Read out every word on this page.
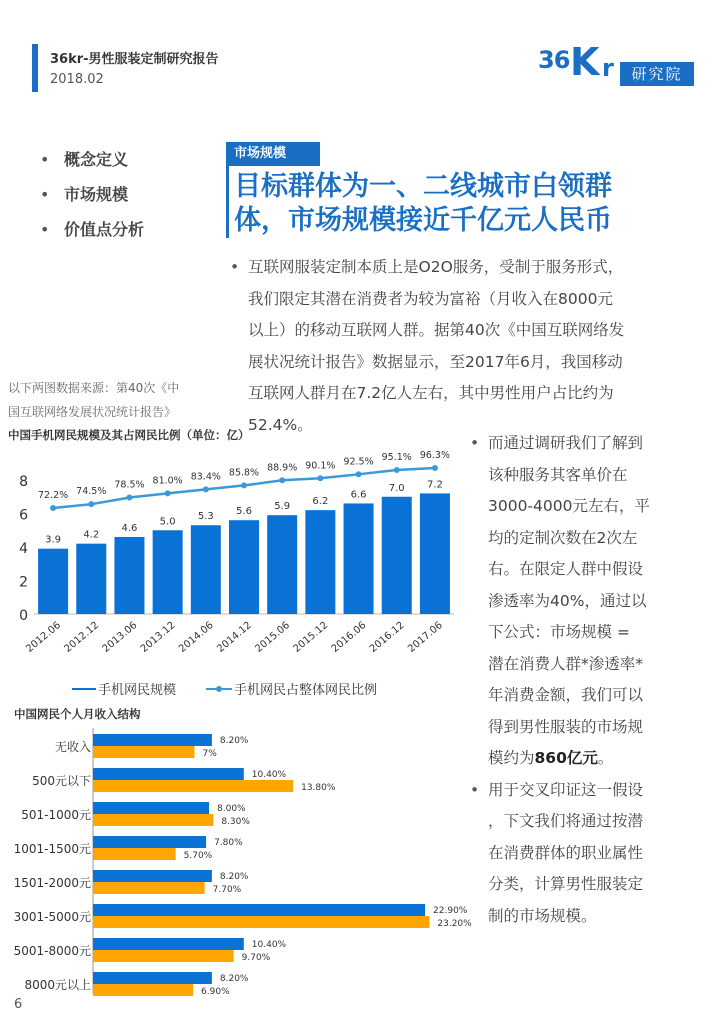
36kr-男性服装定制研究报告
2018.02
36 K r	研究院
• 概念定义
• 市场规模
• 价值点分析
市场规模
目标群体为一、二线城市白领群
体，市场规模接近千亿元人民币
• 互联网服装定制本质上是O2O服务，受制于服务形式，
我们限定其潜在消费者为较为富裕（月收入在8000元
以上）的移动互联网人群。据第40次《中国互联网络发
展状况统计报告》数据显示，至2017年6月，我国移动
互联网人群月在7.2亿人左右，其中男性用户占比约为
52.4%。
以下两图数据来源：第40次《中
国互联网络发展状况统计报告》
中国手机网民规模及其占网民比例（单位：亿）
0
2
4
6
8
3.9
2012.06
4.2
2012.12
4.6
2013.06
5.0
2013.12
5.3
2014.06
5.6
2014.12
5.9
2015.06
6.2
2015.12
6.6
2016.06
7.0
2016.12
7.2
2017.06
72.2% 74.5%
78.5% 81.0% 83.4% 85.8% 88.9% 90.1% 92.5% 95.1% 96.3%
手机网民规模	手机网民占整体网民比例
中国网民个人月收入结构
8.20%
7%
无收入
10.40%
13.80%
500元以下
8.00%
8.30%
501-1000元
7.80%
5.70%
1001-1500元
8.20%
7.70%
1501-2000元
22.90%
23.20%
3001-5000元
10.40%
9.70%
5001-8000元
8.20%
6.90%
8000元以上

• 而通过调研我们了解到
该种服务其客单价在
3000-4000元左右，平
均的定制次数在2次左
右。在限定人群中假设
渗透率为40%，通过以
下公式：市场规模 =
潜在消费人群*渗透率*
年消费金额，我们可以
得到男性服装的市场规
模约为860亿元。

• 用于交叉印证这一假设
，下文我们将通过按潜
在消费群体的职业属性
分类，计算男性服装定
制的市场规模。

6
